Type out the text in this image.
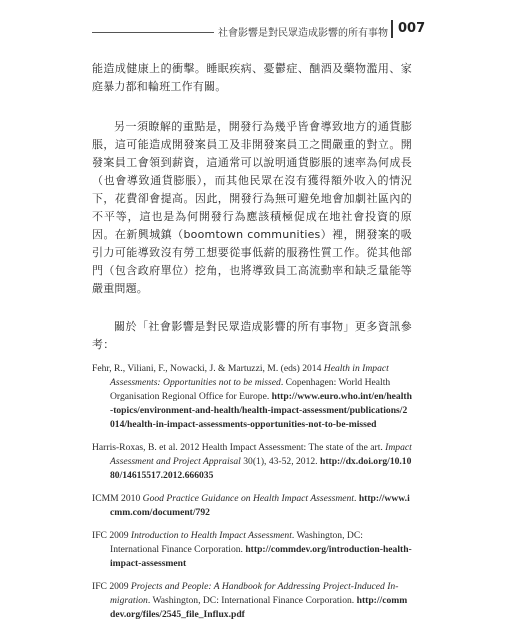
社會影響是對民眾造成影響的所有事物 007

能造成健康上的衝擊。睡眠疾病、憂鬱症、酗酒及藥物濫用、家庭暴力都和輪班工作有關。

另一須瞭解的重點是，開發行為幾乎皆會導致地方的通貨膨脹，這可能造成開發案員工及非開發案員工之間嚴重的對立。開發案員工會領到薪資，這通常可以說明通貨膨脹的速率為何成長（也會導致通貨膨脹），而其他民眾在沒有獲得額外收入的情況下，花費卻會提高。因此，開發行為無可避免地會加劇社區內的不平等，這也是為何開發行為應該積極促成在地社會投資的原因。在新興城鎮（boomtown communities）裡，開發案的吸引力可能導致沒有勞工想要從事低薪的服務性質工作。從其他部門（包含政府單位）挖角，也將導致員工高流動率和缺乏量能等嚴重問題。

關於「社會影響是對民眾造成影響的所有事物」更多資訊參考：

Fehr, R., Viliani, F., Nowacki, J. & Martuzzi, M. (eds) 2014 Health in Impact Assessments: Opportunities not to be missed. Copenhagen: World Health Organisation Regional Office for Europe. http://www.euro.who.int/en/health-topics/environment-and-health/health-impact-assessment/publications/2014/health-in-impact-assessments-opportunities-not-to-be-missed

Harris-Roxas, B. et al. 2012 Health Impact Assessment: The state of the art. Impact Assessment and Project Appraisal 30(1), 43-52, 2012. http://dx.doi.org/10.1080/14615517.2012.666035

ICMM 2010 Good Practice Guidance on Health Impact Assessment. http://www.icmm.com/document/792

IFC 2009 Introduction to Health Impact Assessment. Washington, DC: International Finance Corporation. http://commdev.org/introduction-health-impact-assessment

IFC 2009 Projects and People: A Handbook for Addressing Project-Induced In-migration. Washington, DC: International Finance Corporation. http://commdev.org/files/2545_file_Influx.pdf
